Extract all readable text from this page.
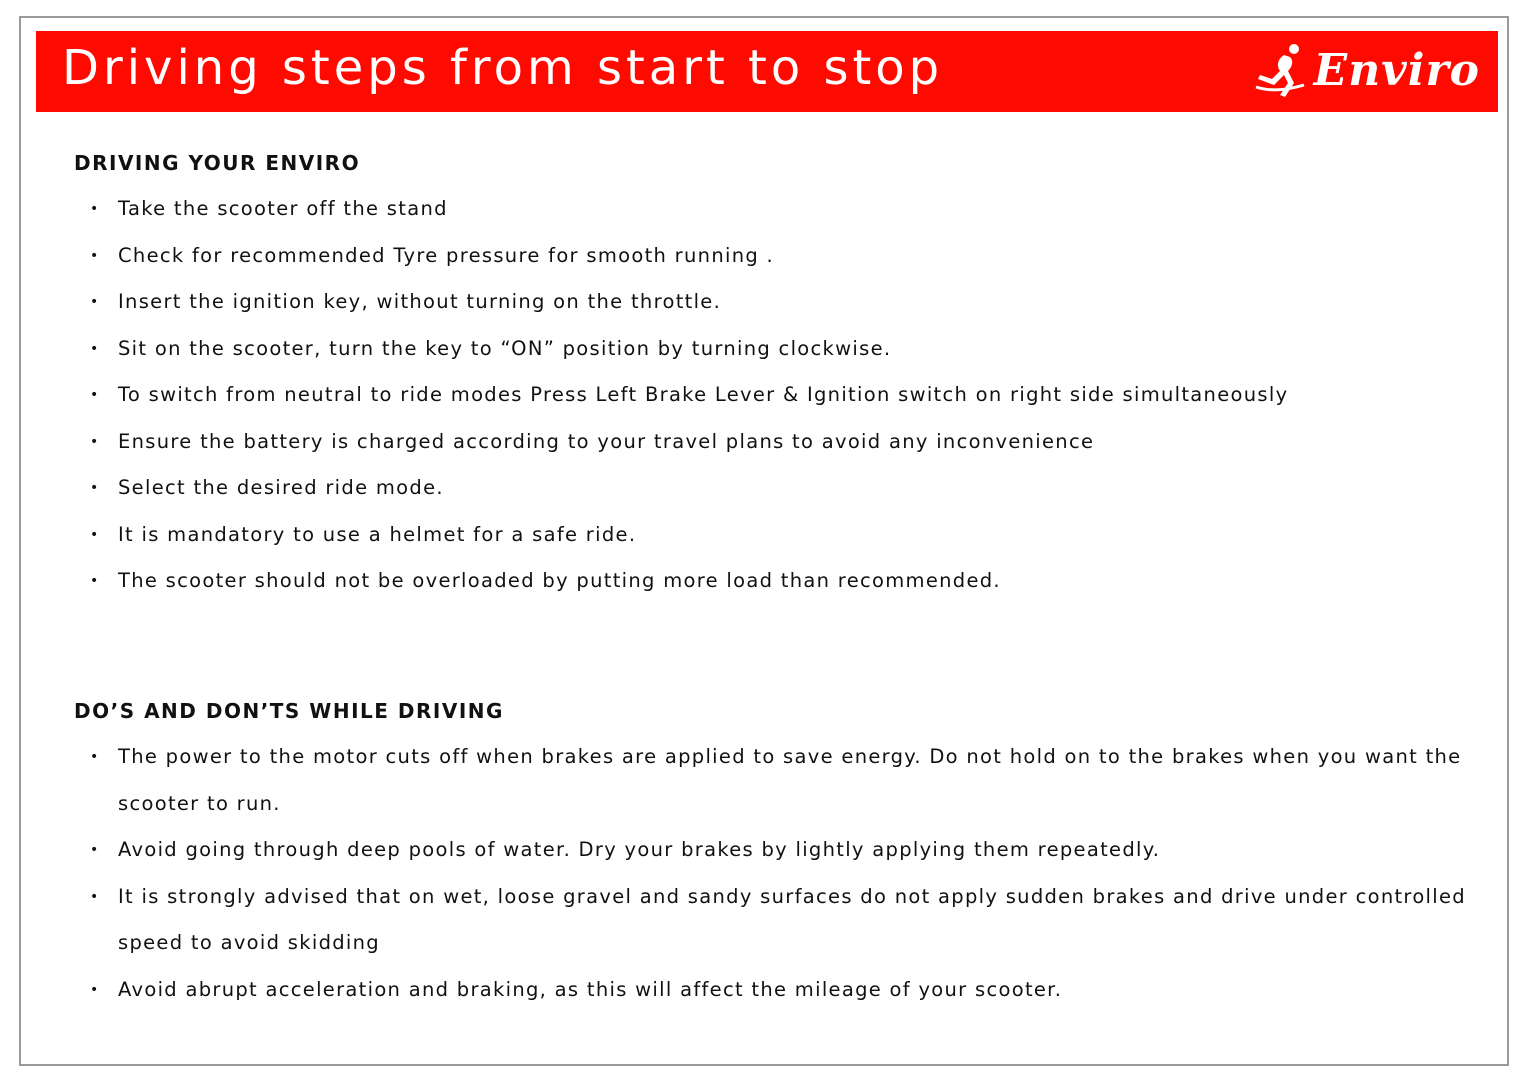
Driving steps from start to stop	Enviro
DRIVING YOUR ENVIRO
• Take the scooter off the stand
• Check for recommended Tyre pressure for smooth running .
• Insert the ignition key, without turning on the throttle.
• Sit on the scooter, turn the key to “ON” position by turning clockwise.
• To switch from neutral to ride modes Press Left Brake Lever & Ignition switch on right side simultaneously
• Ensure the battery is charged according to your travel plans to avoid any inconvenience
• Select the desired ride mode.
• It is mandatory to use a helmet for a safe ride.
• The scooter should not be overloaded by putting more load than recommended.
DO’S AND DON’TS WHILE DRIVING
• The power to the motor cuts off when brakes are applied to save energy. Do not hold on to the brakes when you want the scooter to run.
• Avoid going through deep pools of water. Dry your brakes by lightly applying them repeatedly.
• It is strongly advised that on wet, loose gravel and sandy surfaces do not apply sudden brakes and drive under controlled speed to avoid skidding
• Avoid abrupt acceleration and braking, as this will affect the mileage of your scooter.
